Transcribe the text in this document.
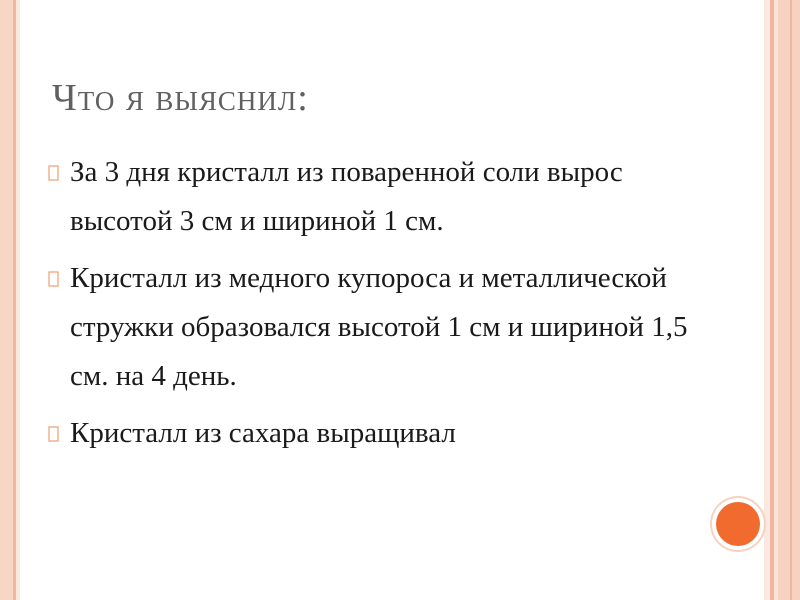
Что я выяснил:
За 3 дня кристалл из поваренной соли вырос высотой 3 см и шириной 1 см.
Кристалл из медного купороса и металлической стружки образовался высотой 1 см и шириной 1,5 см. на 4 день.
Кристалл из сахара выращивал
